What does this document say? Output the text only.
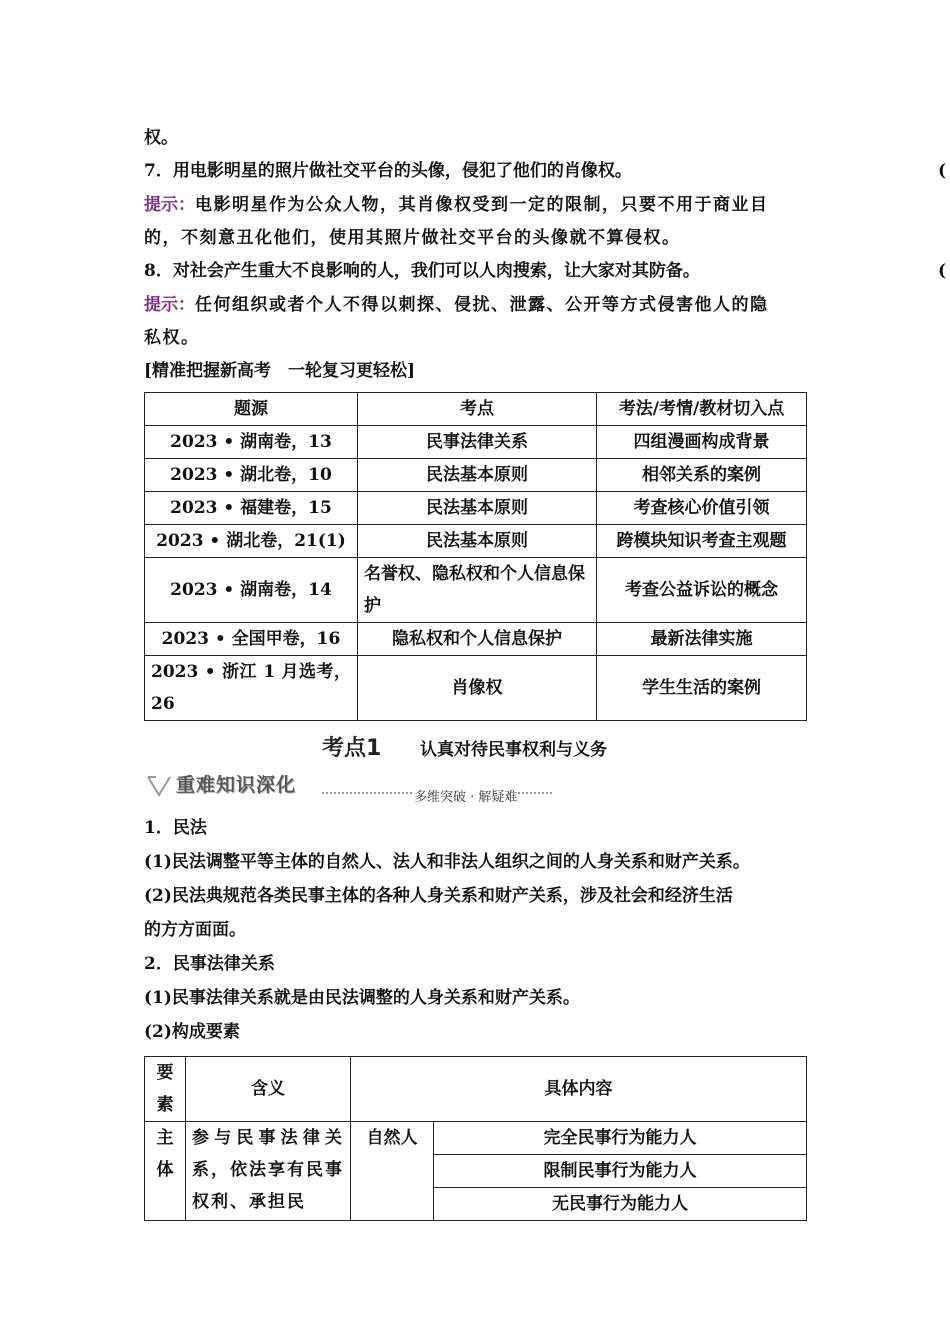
权。
7．用电影明星的照片做社交平台的头像，侵犯了他们的肖像权。	(
提示：电影明星作为公众人物，其肖像权受到一定的限制，只要不用于商业目
的，不刻意丑化他们，使用其照片做社交平台的头像就不算侵权。
8．对社会产生重大不良影响的人，我们可以人肉搜索，让大家对其防备。	(
提示：任何组织或者个人不得以刺探、侵扰、泄露、公开等方式侵害他人的隐
私权。
[精准把握新高考　一轮复习更轻松]
题源	考点	考法/考情/教材切入点
2023 • 湖南卷，13	民事法律关系	四组漫画构成背景
2023 • 湖北卷，10	民法基本原则	相邻关系的案例
2023 • 福建卷，15	民法基本原则	考查核心价值引领
2023 • 湖北卷，21(1)	民法基本原则	跨模块知识考查主观题
2023 • 湖南卷，14	名誉权、隐私权和个人信息保护	考查公益诉讼的概念
2023 • 全国甲卷，16	隐私权和个人信息保护	最新法律实施
2023 • 浙江 1 月选考，26	肖像权	学生生活的案例
考点1 认真对待民事权利与义务
重难知识深化
多维突破 · 解疑难
1．民法
(1)民法调整平等主体的自然人、法人和非法人组织之间的人身关系和财产关系。
(2)民法典规范各类民事主体的各种人身关系和财产关系，涉及社会和经济生活
的方方面面。
2．民事法律关系
(1)民事法律关系就是由民法调整的人身关系和财产关系。
(2)构成要素
要素	含义	具体内容	
主体	参与民事法律关系，依法享有民事权利、承担民	自然人	完全民事行为能力人
			限制民事行为能力人
			无民事行为能力人
